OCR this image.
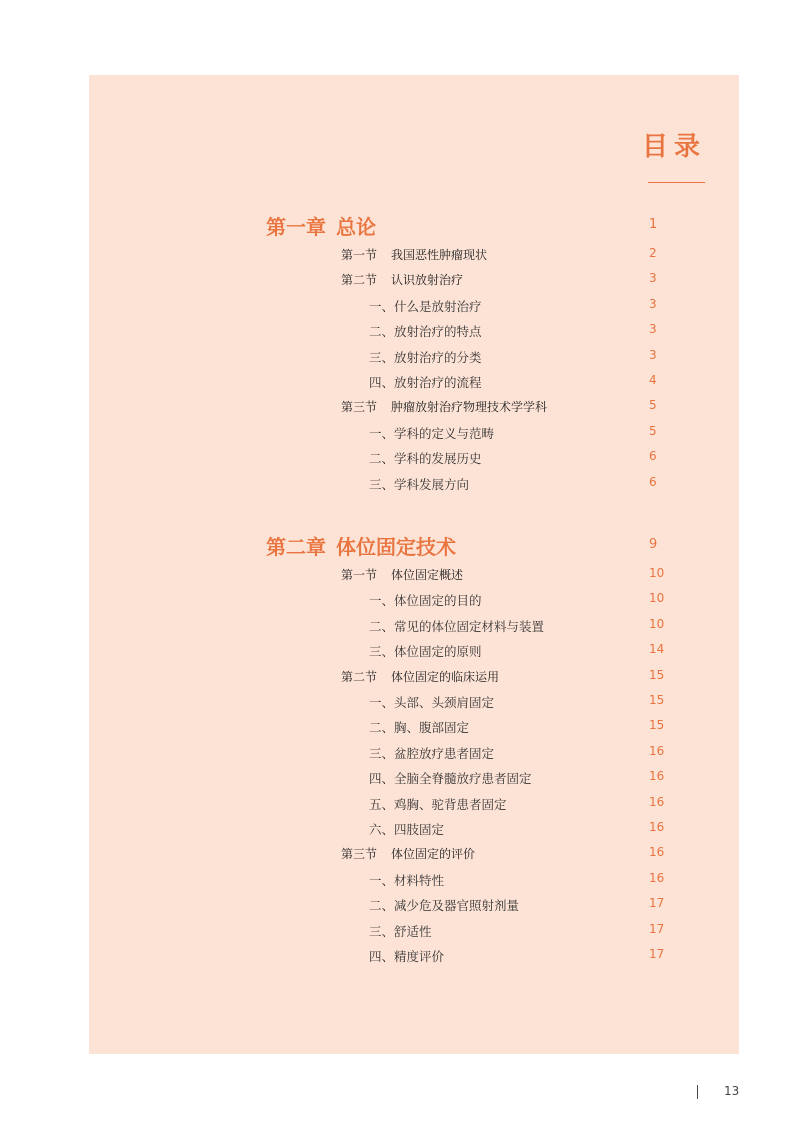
目录
第一章 总论	1
第一节 我国恶性肿瘤现状	2
第二节 认识放射治疗	3
一、什么是放射治疗	3
二、放射治疗的特点	3
三、放射治疗的分类	3
四、放射治疗的流程	4
第三节 肿瘤放射治疗物理技术学学科	5
一、学科的定义与范畴	5
二、学科的发展历史	6
三、学科发展方向	6
第二章 体位固定技术	9
第一节 体位固定概述	10
一、体位固定的目的	10
二、常见的体位固定材料与装置	10
三、体位固定的原则	14
第二节 体位固定的临床运用	15
一、头部、头颈肩固定	15
二、胸、腹部固定	15
三、盆腔放疗患者固定	16
四、全脑全脊髓放疗患者固定	16
五、鸡胸、驼背患者固定	16
六、四肢固定	16
第三节 体位固定的评价	16
一、材料特性	16
二、减少危及器官照射剂量	17
三、舒适性	17
四、精度评价	17
13
